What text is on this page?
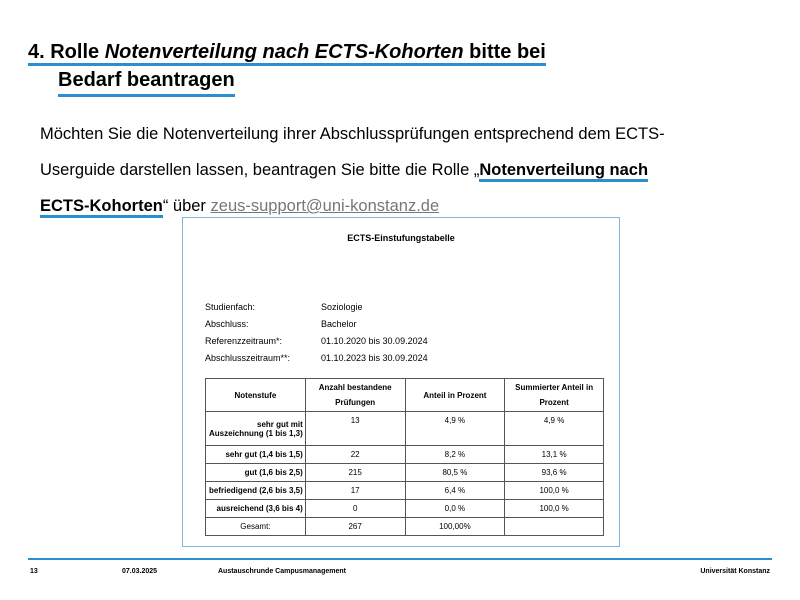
4. Rolle Notenverteilung nach ECTS-Kohorten bitte bei
Bedarf beantragen
Möchten Sie die Notenverteilung ihrer Abschlussprüfungen entsprechend dem ECTS-Userguide darstellen lassen, beantragen Sie bitte die Rolle „Notenverteilung nach
ECTS-Kohorten“ über zeus-support@uni-konstanz.de
ECTS-Einstufungstabelle
Studienfach:	Soziologie
Abschluss:	Bachelor
Referenzzeitraum*:	01.10.2020 bis 30.09.2024
Abschlusszeitraum**:	01.10.2023 bis 30.09.2024
Notenstufe	Anzahl bestandene Prüfungen	Anteil in Prozent	Summierter Anteil in Prozent
sehr gut mit Auszeichnung (1 bis 1,3)	13	4,9 %	4,9 %
sehr gut (1,4 bis 1,5)	22	8,2 %	13,1 %
gut (1,6 bis 2,5)	215	80,5 %	93,6 %
befriedigend (2,6 bis 3,5)	17	6,4 %	100,0 %
ausreichend (3,6 bis 4)	0	0,0 %	100,0 %
Gesamt:	267	100,00%	
13	07.03.2025	Austauschrunde Campusmanagement	Universität Konstanz
